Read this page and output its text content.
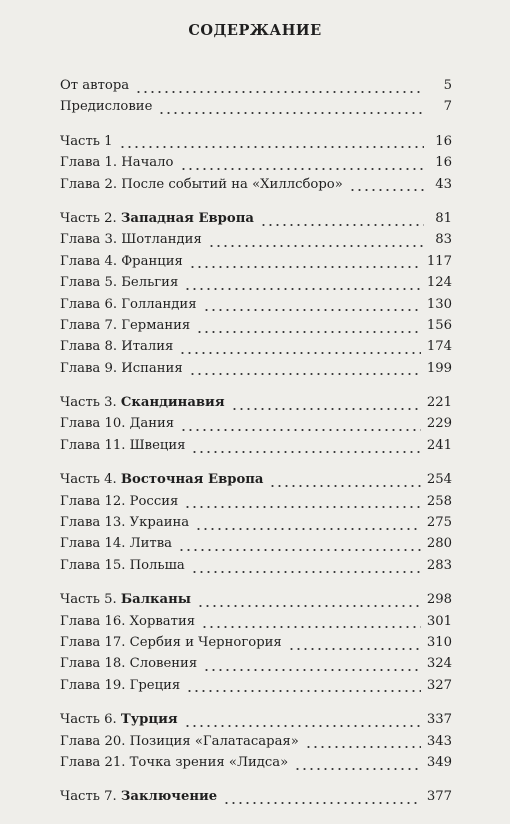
СОДЕРЖАНИЕ
От автора	5
Предисловие	7
Часть 1	16
Глава 1. Начало	16
Глава 2. После событий на «Хиллсборо»	43
Часть 2. Западная Европа	81
Глава 3. Шотландия	83
Глава 4. Франция	117
Глава 5. Бельгия	124
Глава 6. Голландия	130
Глава 7. Германия	156
Глава 8. Италия	174
Глава 9. Испания	199
Часть 3. Скандинавия	221
Глава 10. Дания	229
Глава 11. Швеция	241
Часть 4. Восточная Европа	254
Глава 12. Россия	258
Глава 13. Украина	275
Глава 14. Литва	280
Глава 15. Польша	283
Часть 5. Балканы	298
Глава 16. Хорватия	301
Глава 17. Сербия и Черногория	310
Глава 18. Словения	324
Глава 19. Греция	327
Часть 6. Турция	337
Глава 20. Позиция «Галатасарая»	343
Глава 21. Точка зрения «Лидса»	349
Часть 7. Заключение	377
